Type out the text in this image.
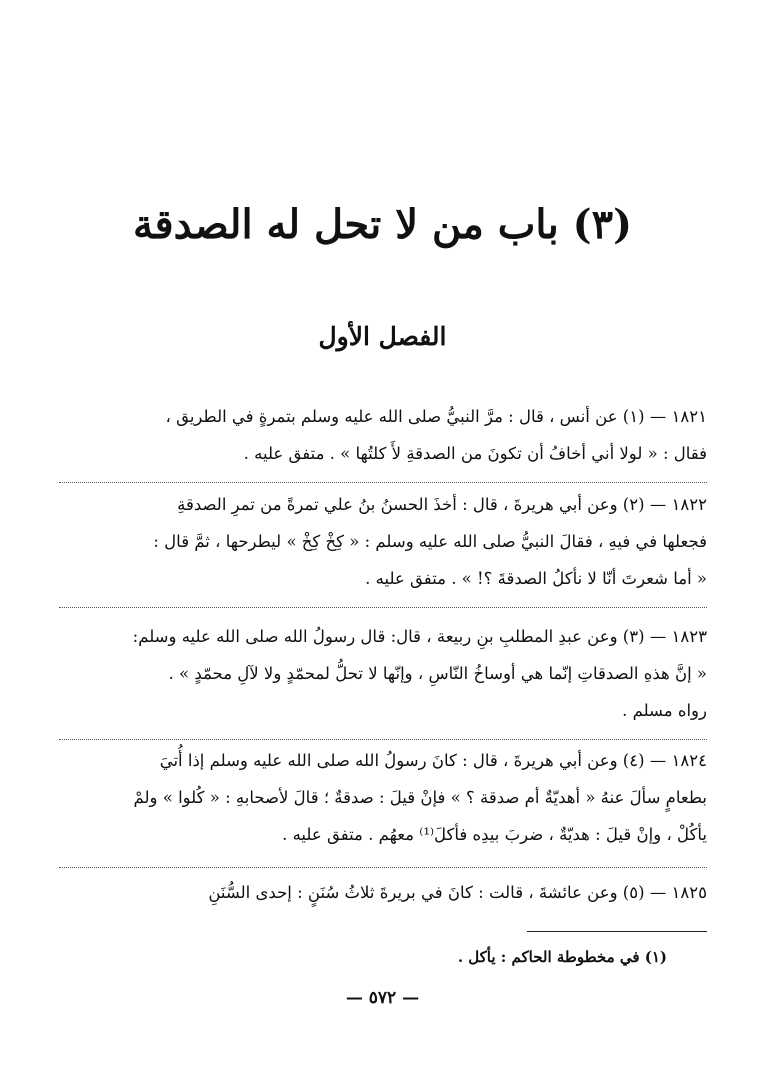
(٣) باب من لا تحل له الصدقة
الفصل الأول
١٨٢١ — (١) عن أنس ، قال : مرَّ النبيُّ صلى الله عليه وسلم بتمرةٍ في الطريق ،
فقال : « لولا أني أخافُ أن تكونَ من الصدقةِ لأَ كلتُها » . متفق عليه .
١٨٢٢ — (٢) وعن أبي هريرةَ ، قال : أخذَ الحسنُ بنُ علي تمرةً من تمرِ الصدقةِ
فجعلها في فيهِ ، فقالَ النبيُّ صلى الله عليه وسلم : « كِخْ كِخْ » ليطرحها ، ثمَّ قال :
« أما شعرتَ أنّا لا نأكلُ الصدقةَ ؟! » . متفق عليه .
١٨٢٣ — (٣) وعن عبدِ المطلبِ بنِ ربيعة ، قال: قال رسولُ الله صلى الله عليه وسلم:
« إنَّ هذهِ الصدقاتِ إنّما هي أوساخُ النّاسِ ، وإنّها لا تحلُّ لمحمّدٍ ولا لآلِ محمّدٍ » .
رواه مسلم .
١٨٢٤ — (٤) وعن أبي هريرةَ ، قال : كانَ رسولُ الله صلى الله عليه وسلم إذا أُتيَ
بطعامٍ سألَ عنهُ « أهديّةٌ أم صدقة ؟ » فإنْ قيلَ : صدقةٌ ؛ قالَ لأصحابهِ : « كُلوا » ولمْ
يأكُلْ ، وإنْ قيلَ : هديّةٌ ، ضربَ بيدِه فأكلَ⁽¹⁾ معهُم . متفق عليه .
١٨٢٥ — (٥) وعن عائشةَ ، قالت : كانَ في بريرةَ ثلاثُ سُنَنٍ : إحدى السُّنَنِ
(١) في مخطوطة الحاكم : يأكل .
— ٥٧٢ —
